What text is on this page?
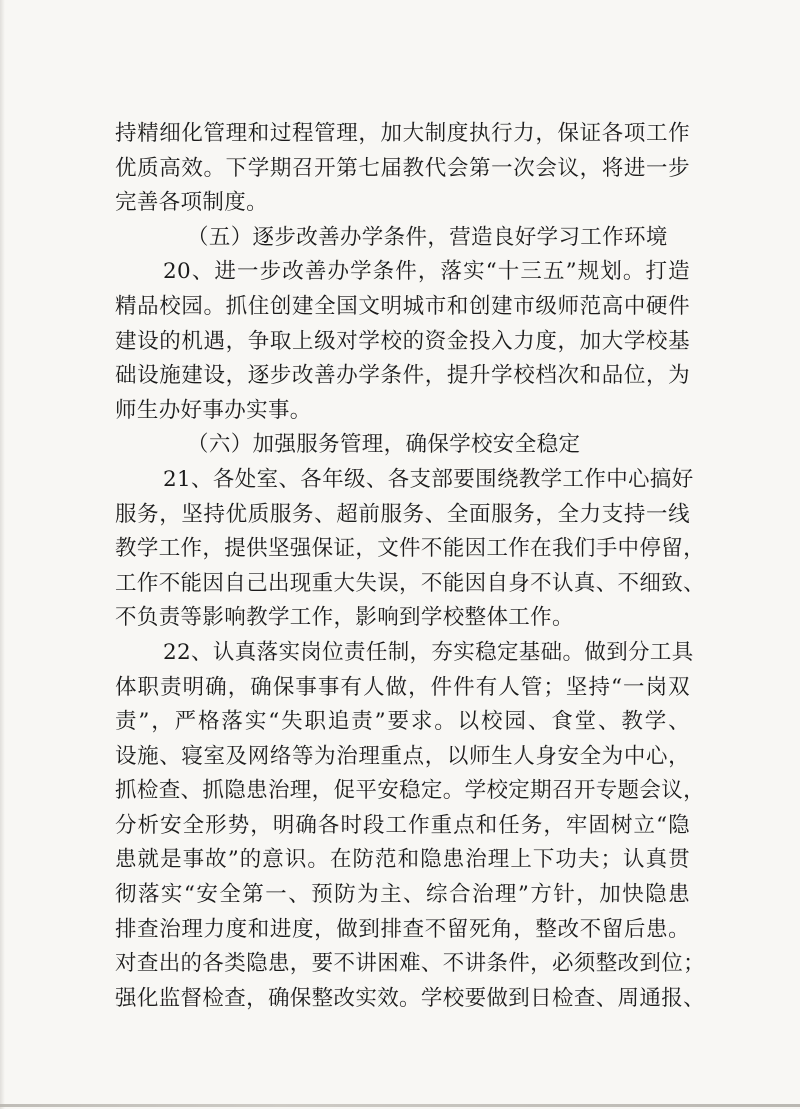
持精细化管理和过程管理，加大制度执行力，保证各项工作
优质高效。下学期召开第七届教代会第一次会议，将进一步
完善各项制度。
（五）逐步改善办学条件，营造良好学习工作环境
20、进一步改善办学条件，落实“十三五”规划。打造
精品校园。抓住创建全国文明城市和创建市级师范高中硬件
建设的机遇，争取上级对学校的资金投入力度，加大学校基
础设施建设，逐步改善办学条件，提升学校档次和品位，为
师生办好事办实事。
（六）加强服务管理，确保学校安全稳定
21、各处室、各年级、各支部要围绕教学工作中心搞好
服务，坚持优质服务、超前服务、全面服务，全力支持一线
教学工作，提供坚强保证，文件不能因工作在我们手中停留，
工作不能因自己出现重大失误，不能因自身不认真、不细致、
不负责等影响教学工作，影响到学校整体工作。
22、认真落实岗位责任制，夯实稳定基础。做到分工具
体职责明确，确保事事有人做，件件有人管；坚持“一岗双
责”，严格落实“失职追责”要求。以校园、食堂、教学、
设施、寝室及网络等为治理重点，以师生人身安全为中心，
抓检查、抓隐患治理，促平安稳定。学校定期召开专题会议，
分析安全形势，明确各时段工作重点和任务，牢固树立“隐
患就是事故”的意识。在防范和隐患治理上下功夫；认真贯
彻落实“安全第一、预防为主、综合治理”方针，加快隐患
排查治理力度和进度，做到排查不留死角，整改不留后患。
对查出的各类隐患，要不讲困难、不讲条件，必须整改到位；
强化监督检查，确保整改实效。学校要做到日检查、周通报、
